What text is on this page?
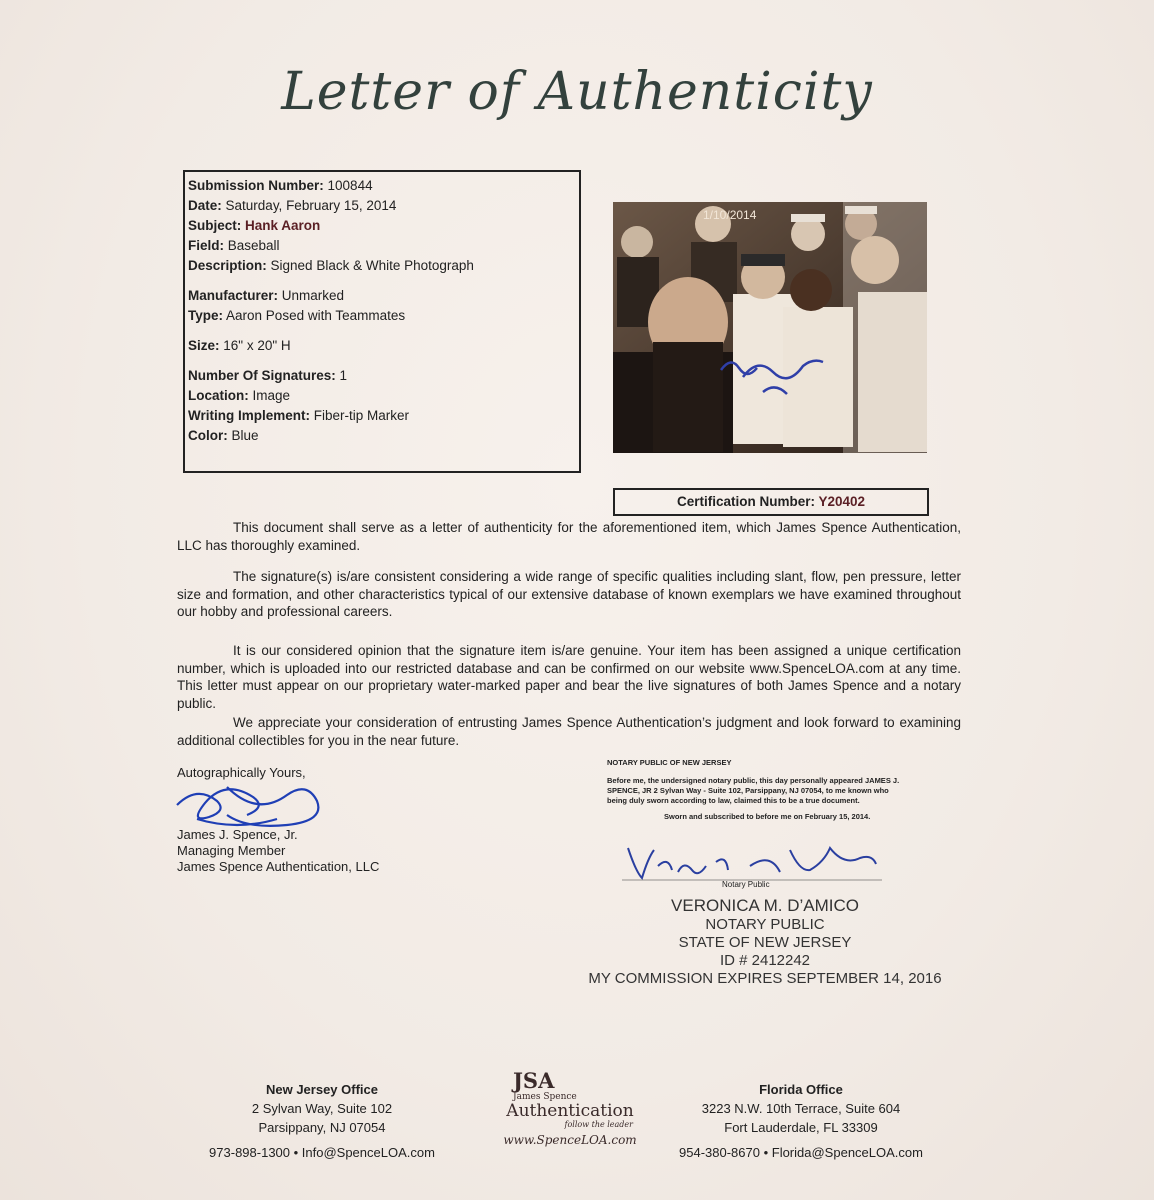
Letter of Authenticity
Submission Number: 100844
Date: Saturday, February 15, 2014
Subject: Hank Aaron
Field: Baseball
Description: Signed Black & White Photograph
Manufacturer: Unmarked
Type: Aaron Posed with Teammates
Size: 16" x 20" H
Number Of Signatures: 1
Location: Image
Writing Implement: Fiber-tip Marker
Color: Blue
1/10/2014
Certification Number: Y20402
This document shall serve as a letter of authenticity for the aforementioned item, which James Spence Authentication, LLC has thoroughly examined.
The signature(s) is/are consistent considering a wide range of specific qualities including slant, flow, pen pressure, letter size and formation, and other characteristics typical of our extensive database of known exemplars we have examined throughout our hobby and professional careers.
It is our considered opinion that the signature item is/are genuine. Your item has been assigned a unique certification number, which is uploaded into our restricted database and can be confirmed on our website www.SpenceLOA.com at any time. This letter must appear on our proprietary water-marked paper and bear the live signatures of both James Spence and a notary public.
We appreciate your consideration of entrusting James Spence Authentication’s judgment and look forward to examining additional collectibles for you in the near future.
Autographically Yours,
James J. Spence, Jr.
Managing Member
James Spence Authentication, LLC
NOTARY PUBLIC OF NEW JERSEY
Before me, the undersigned notary public, this day personally appeared JAMES J. SPENCE, JR 2 Sylvan Way - Suite 102, Parsippany, NJ 07054, to me known who being duly sworn according to law, claimed this to be a true document.
Sworn and subscribed to before me on February 15, 2014.
Notary Public
VERONICA M. D’AMICO
NOTARY PUBLIC
STATE OF NEW JERSEY
ID # 2412242
MY COMMISSION EXPIRES SEPTEMBER 14, 2016
New Jersey Office
2 Sylvan Way, Suite 102
Parsippany, NJ 07054
973-898-1300 • Info@SpenceLOA.com
JSA
James Spence
Authentication
follow the leader
www.SpenceLOA.com
Florida Office
3223 N.W. 10th Terrace, Suite 604
Fort Lauderdale, FL 33309
954-380-8670 • Florida@SpenceLOA.com
